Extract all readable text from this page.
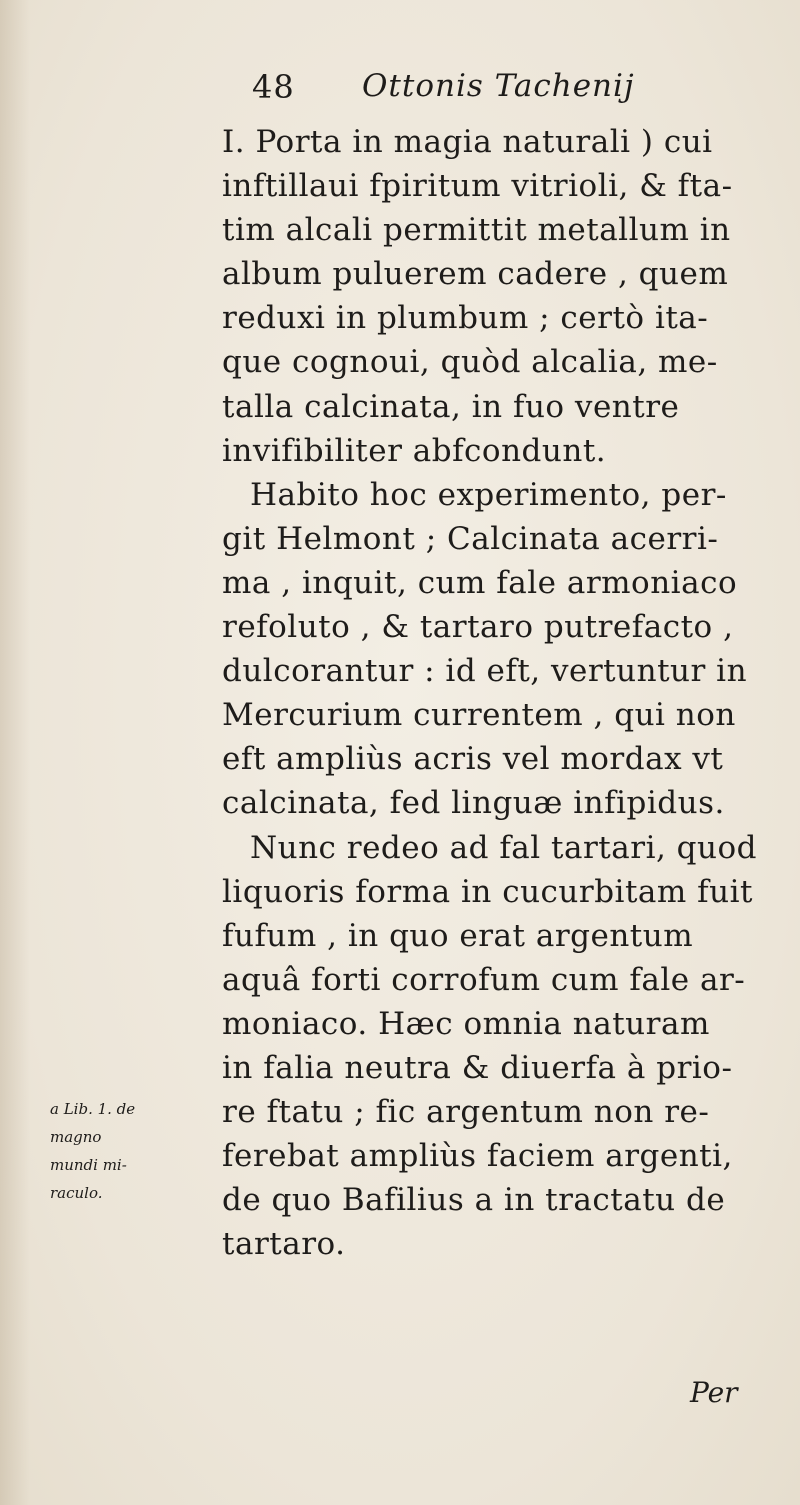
48 Ottonis Tachenij
I. Porta in magia naturali ) cui
inftillaui fpiritum vitrioli, & fta-
tim alcali permittit metallum in
album puluerem cadere , quem
reduxi in plumbum ; certò ita-
que cognoui, quòd alcalia, me-
talla calcinata, in fuo ventre
invifibiliter abfcondunt.
Habito hoc experimento, per-
git Helmont ; Calcinata acerri-
ma , inquit, cum fale armoniaco
refoluto , & tartaro putrefacto ,
dulcorantur : id eft, vertuntur in
Mercurium currentem , qui non
eft ampliùs acris vel mordax vt
calcinata, fed linguæ infipidus.
Nunc redeo ad fal tartari, quod
liquoris forma in cucurbitam fuit
fufum , in quo erat argentum
aquâ forti corrofum cum fale ar-
moniaco. Hæc omnia naturam
in falia neutra & diuerfa à prio-
re ftatu ; fic argentum non re-
ferebat ampliùs faciem argenti,
de quo Bafilius a in tractatu de
tartaro.
a Lib. 1. de
magno
mundi mi-
raculo.
Per
